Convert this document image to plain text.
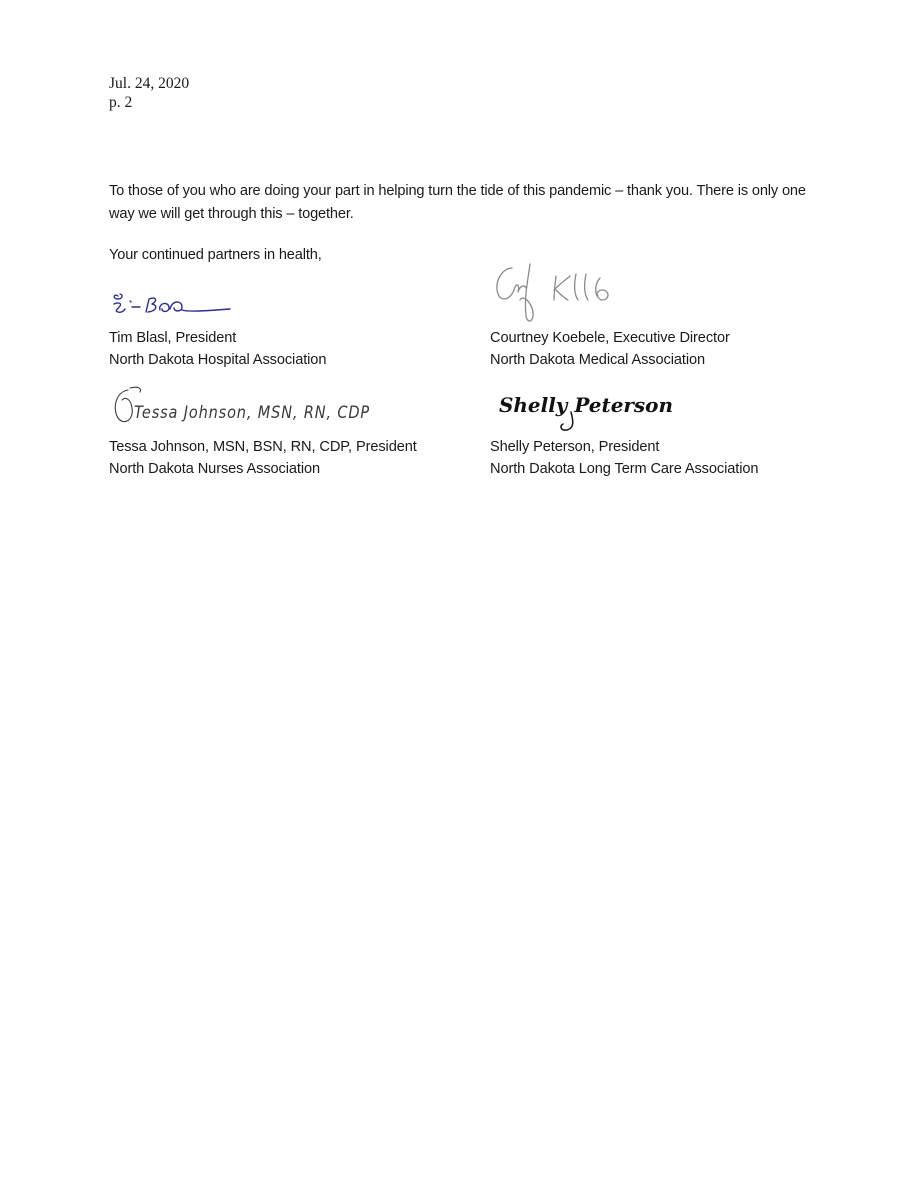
Jul. 24, 2020
p. 2
To those of you who are doing your part in helping turn the tide of this pandemic – thank you. There is only one way we will get through this – together.
Your continued partners in health,
Tessa Johnson, MSN, RN, CDP	Shelly Peterson
Tim Blasl, President
North Dakota Hospital Association
Courtney Koebele, Executive Director
North Dakota Medical Association
Tessa Johnson, MSN, BSN, RN, CDP, President
North Dakota Nurses Association
Shelly Peterson, President
North Dakota Long Term Care Association
